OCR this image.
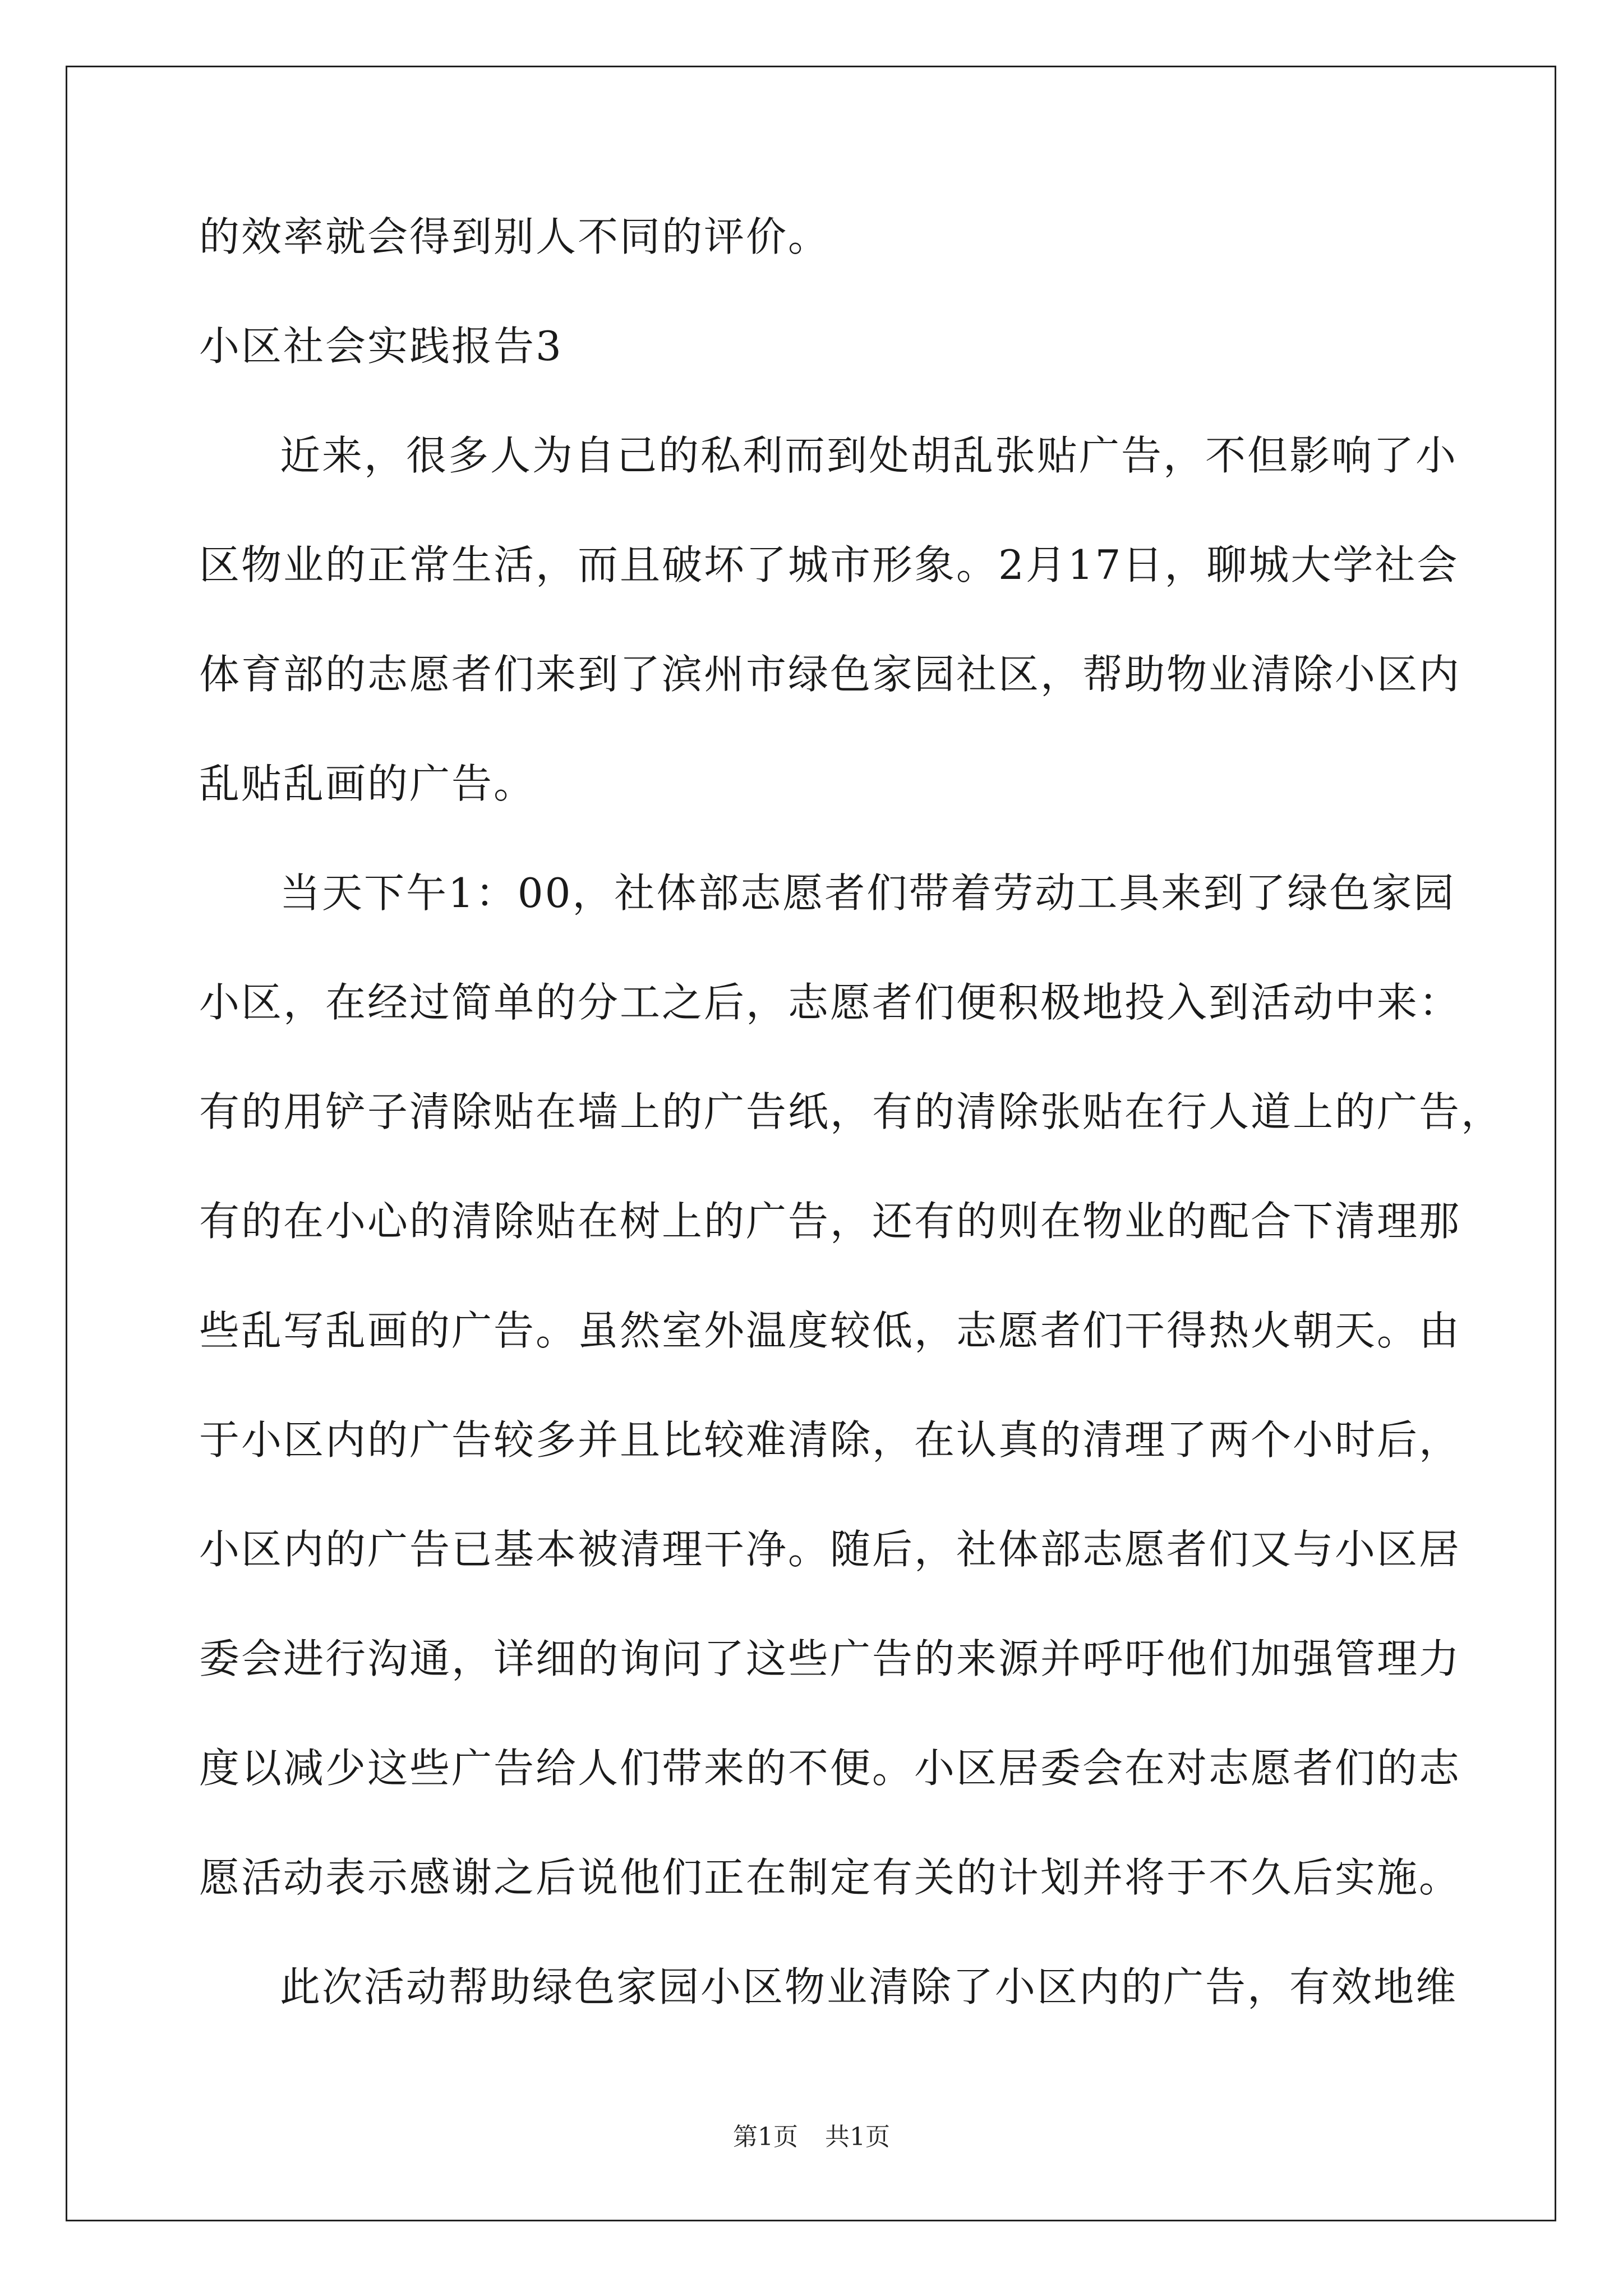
的效率就会得到别人不同的评价。
小区社会实践报告3
近来，很多人为自己的私利而到处胡乱张贴广告，不但影响了小
区物业的正常生活，而且破坏了城市形象。2月17日，聊城大学社会
体育部的志愿者们来到了滨州市绿色家园社区，帮助物业清除小区内
乱贴乱画的广告。
当天下午1：00，社体部志愿者们带着劳动工具来到了绿色家园
小区，在经过简单的分工之后，志愿者们便积极地投入到活动中来：
有的用铲子清除贴在墙上的广告纸，有的清除张贴在行人道上的广告，
有的在小心的清除贴在树上的广告，还有的则在物业的配合下清理那
些乱写乱画的广告。虽然室外温度较低，志愿者们干得热火朝天。由
于小区内的广告较多并且比较难清除，在认真的清理了两个小时后，
小区内的广告已基本被清理干净。随后，社体部志愿者们又与小区居
委会进行沟通，详细的询问了这些广告的来源并呼吁他们加强管理力
度以减少这些广告给人们带来的不便。小区居委会在对志愿者们的志
愿活动表示感谢之后说他们正在制定有关的计划并将于不久后实施。
此次活动帮助绿色家园小区物业清除了小区内的广告，有效地维
第1页 共1页
